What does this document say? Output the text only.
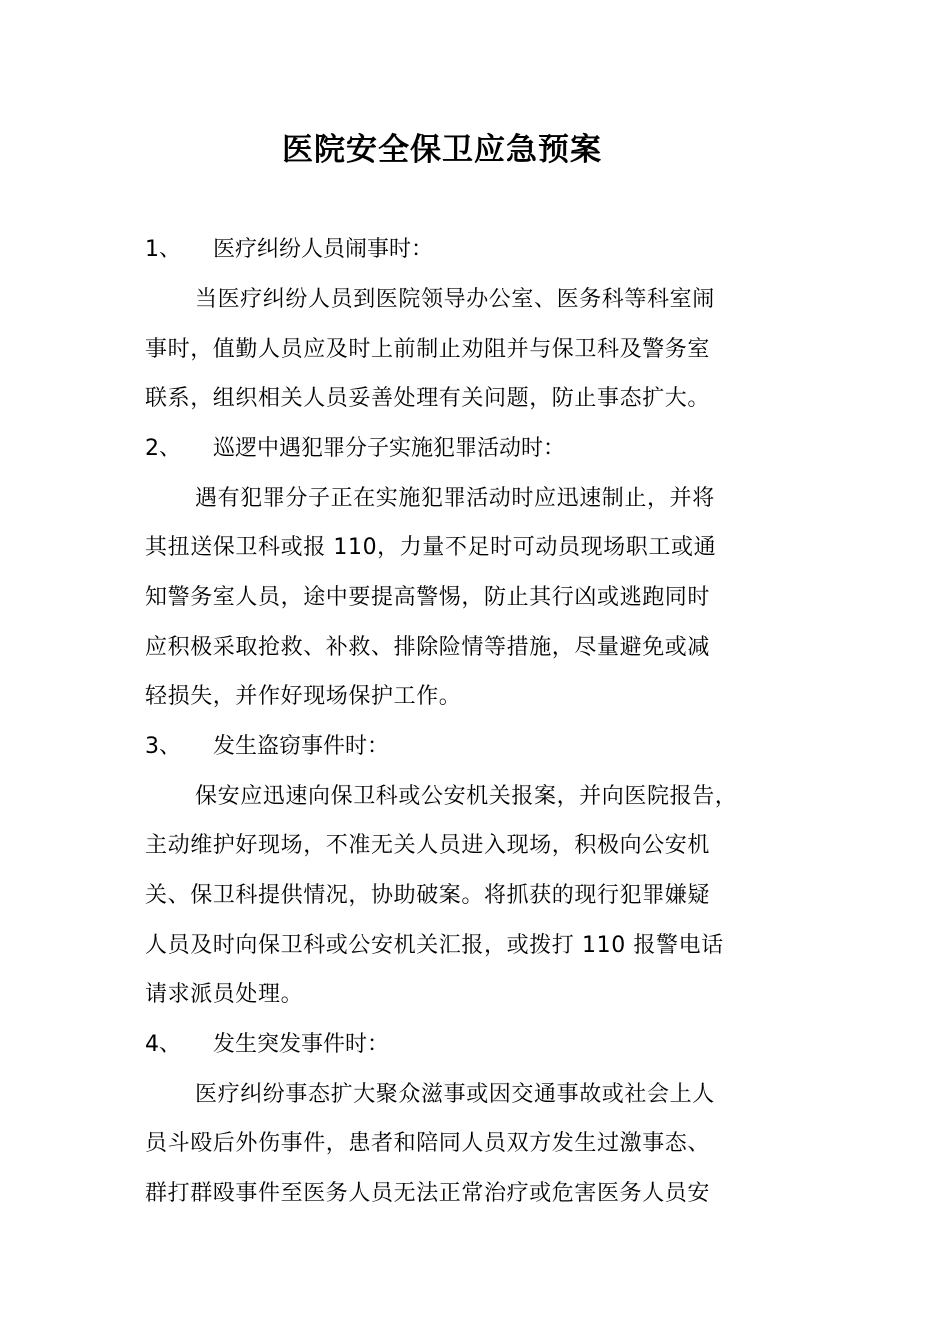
医院安全保卫应急预案

1、 医疗纠纷人员闹事时：

当医疗纠纷人员到医院领导办公室、医务科等科室闹
事时，值勤人员应及时上前制止劝阻并与保卫科及警务室
联系，组织相关人员妥善处理有关问题，防止事态扩大。

2、 巡逻中遇犯罪分子实施犯罪活动时：

遇有犯罪分子正在实施犯罪活动时应迅速制止，并将
其扭送保卫科或报 110，力量不足时可动员现场职工或通
知警务室人员，途中要提高警惕，防止其行凶或逃跑同时
应积极采取抢救、补救、排除险情等措施，尽量避免或减
轻损失，并作好现场保护工作。

3、 发生盗窃事件时：

保安应迅速向保卫科或公安机关报案，并向医院报告，
主动维护好现场，不准无关人员进入现场，积极向公安机
关、保卫科提供情况，协助破案。将抓获的现行犯罪嫌疑
人员及时向保卫科或公安机关汇报，或拨打 110 报警电话
请求派员处理。

4、 发生突发事件时：

医疗纠纷事态扩大聚众滋事或因交通事故或社会上人
员斗殴后外伤事件，患者和陪同人员双方发生过激事态、
群打群殴事件至医务人员无法正常治疗或危害医务人员安
